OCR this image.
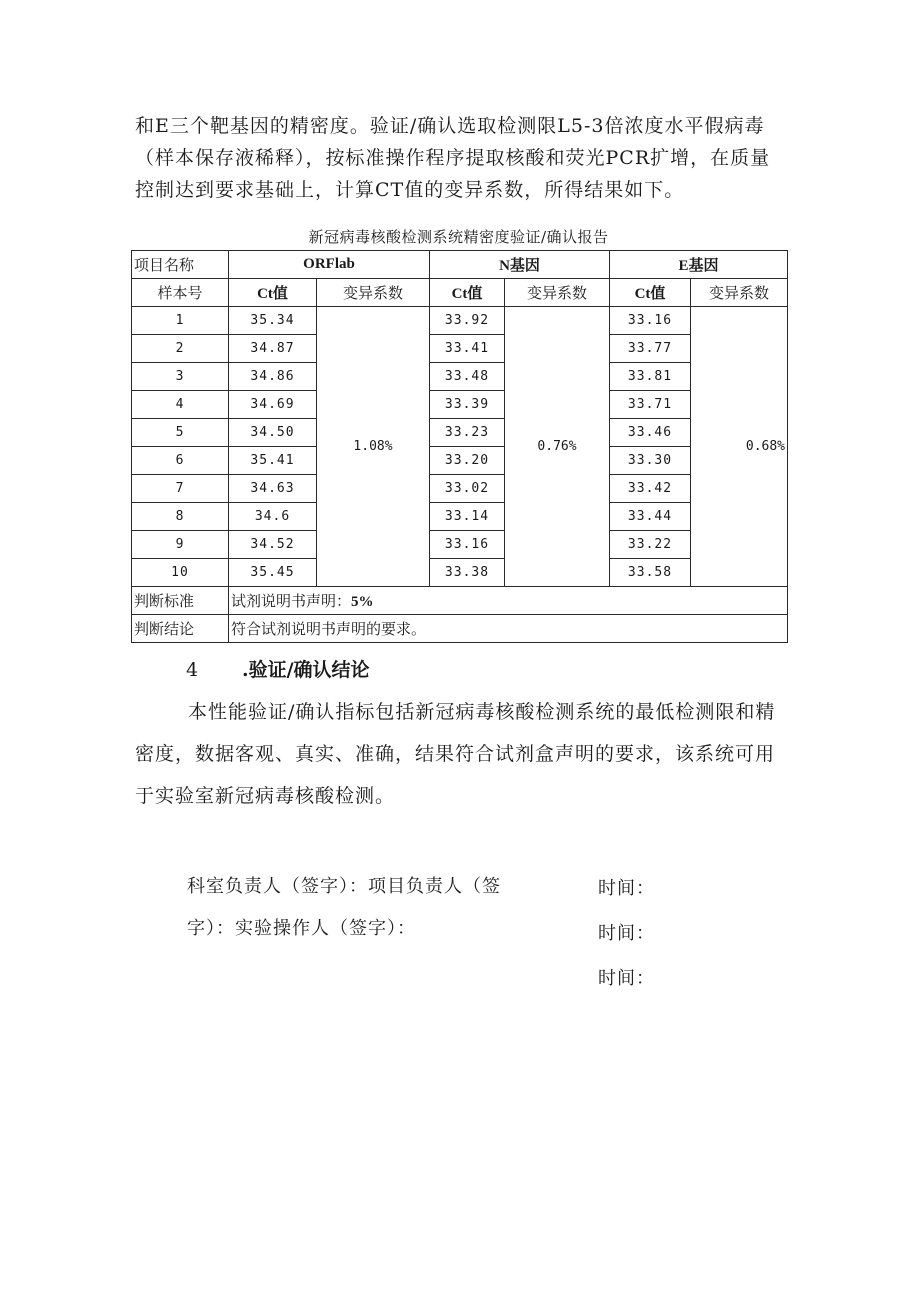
和E三个靶基因的精密度。验证/确认选取检测限L5-3倍浓度水平假病毒
（样本保存液稀释），按标准操作程序提取核酸和荧光PCR扩增，在质量
控制达到要求基础上，计算CT值的变异系数，所得结果如下。
新冠病毒核酸检测系统精密度验证/确认报告
项目名称	ORFlab		N基因		E基因	
样本号	Ct值	变异系数	Ct值	变异系数	Ct值	变异系数
1	35.34	1.08%	33.92	0.76%	33.16	0.68%
2	34.87		33.41		33.77	
3	34.86		33.48		33.81	
4	34.69		33.39		33.71	
5	34.50		33.23		33.46	
6	35.41		33.20		33.30	
7	34.63		33.02		33.42	
8	34.6		33.14		33.44	
9	34.52		33.16		33.22	
10	35.45		33.38		33.58	
判断标准	试剂说明书声明：5%					
判断结论	符合试剂说明书声明的要求。					
4 .验证/确认结论
本性能验证/确认指标包括新冠病毒核酸检测系统的最低检测限和精
密度，数据客观、真实、准确，结果符合试剂盒声明的要求，该系统可用
于实验室新冠病毒核酸检测。
科室负责人（签字）：项目负责人（签
字）：实验操作人（签字）：
时间：
时间：
时间：
